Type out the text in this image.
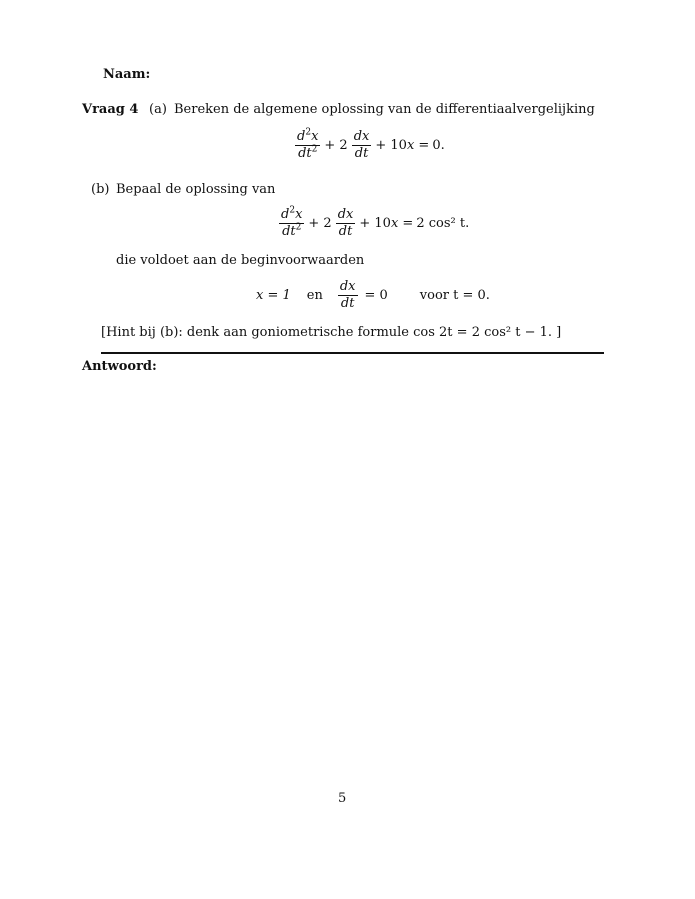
Naam:
Vraag 4 (a) Bereken de algemene oplossing van de differentiaalvergelijking
$\frac{d^2x}{dt^2} + 2 \frac{dx}{dt} + 10x = 0$.
(b) Bepaal de oplossing van
$\frac{d^2x}{dt^2} + 2 \frac{dx}{dt} + 10x = 2$ cos² t.
die voldoet aan de beginvoorwaarden
x = 1 en $\frac{dx}{dt} = 0$ voor t = 0.
[Hint bij (b): denk aan goniometrische formule cos 2t = 2 cos² t − 1. ]
Antwoord:
5
